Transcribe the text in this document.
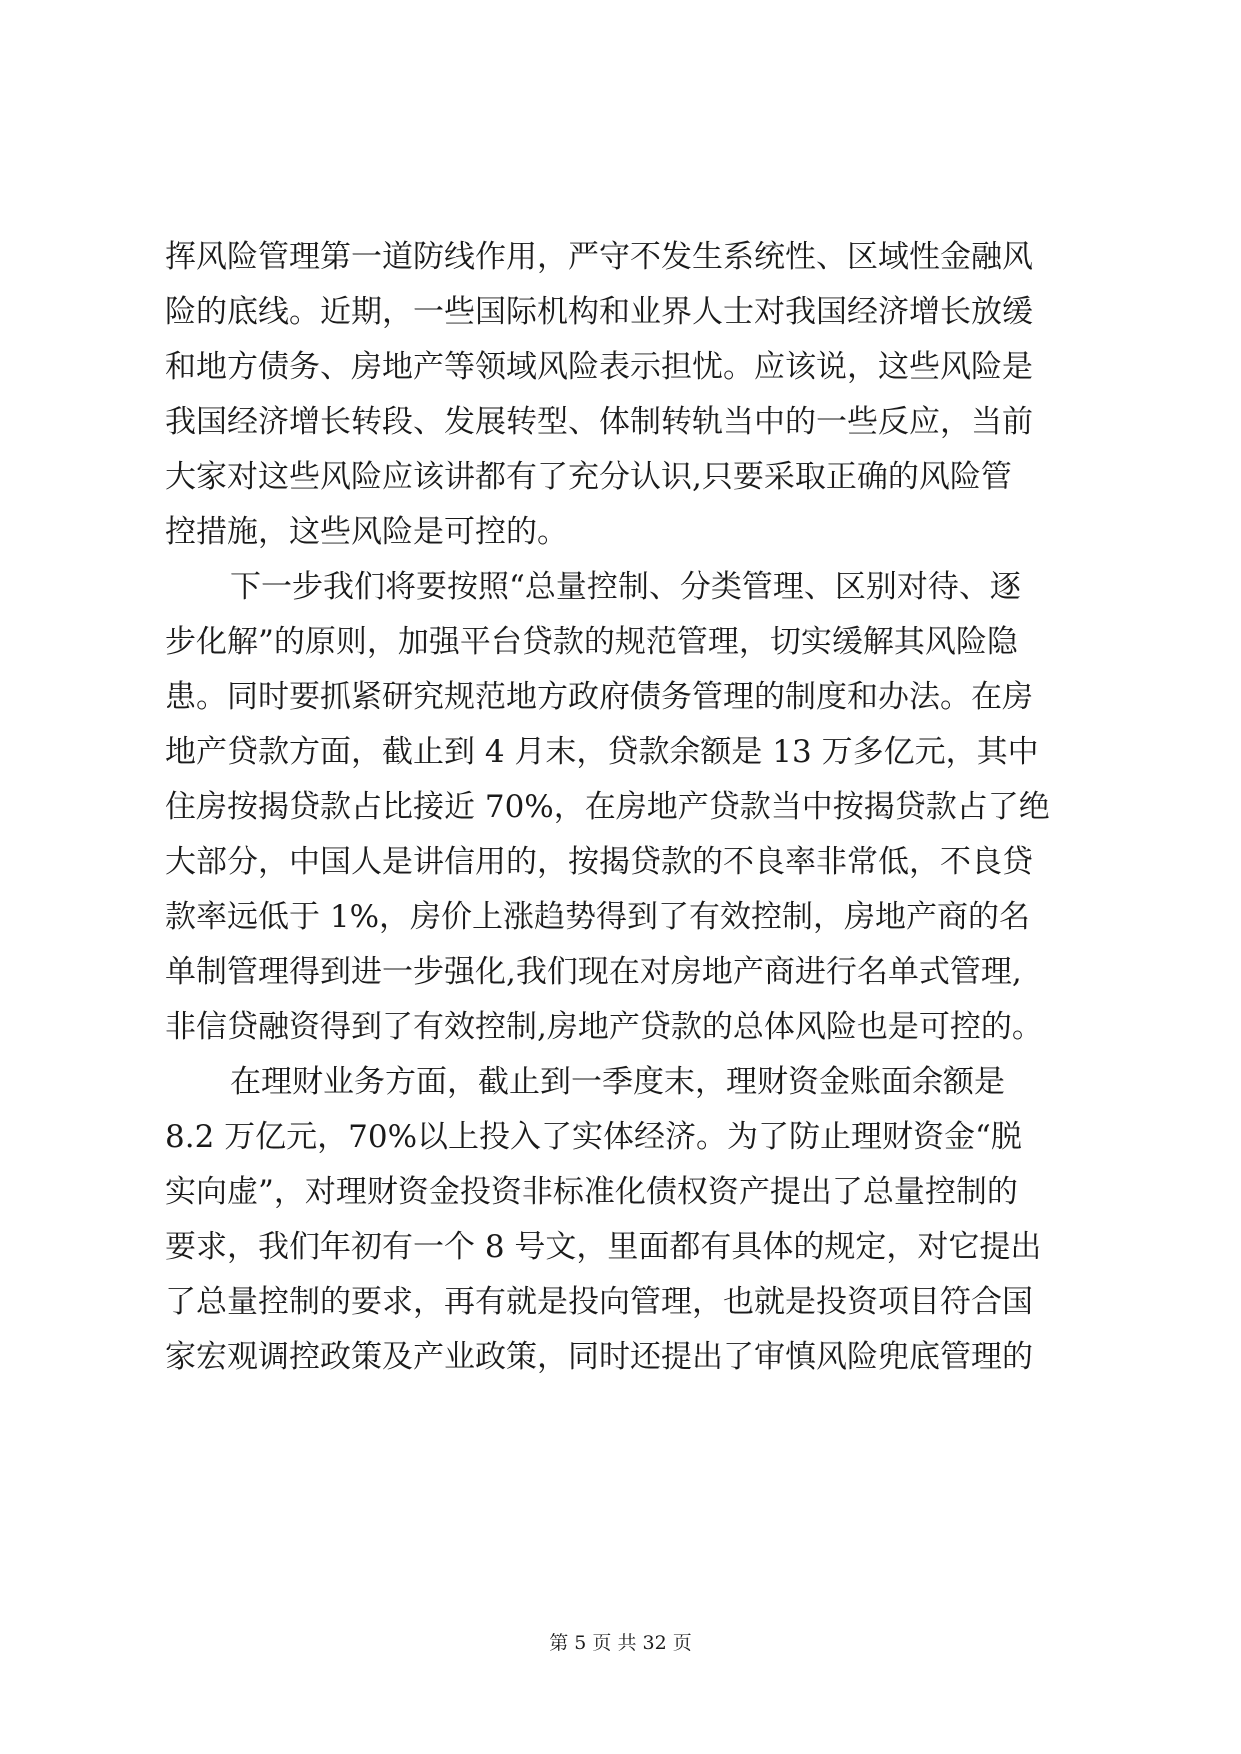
挥风险管理第一道防线作用，严守不发生系统性、区域性金融风
险的底线。近期，一些国际机构和业界人士对我国经济增长放缓
和地方债务、房地产等领域风险表示担忧。应该说，这些风险是
我国经济增长转段、发展转型、体制转轨当中的一些反应，当前
大家对这些风险应该讲都有了充分认识,只要采取正确的风险管
控措施，这些风险是可控的。
下一步我们将要按照“总量控制、分类管理、区别对待、逐
步化解”的原则，加强平台贷款的规范管理，切实缓解其风险隐
患。同时要抓紧研究规范地方政府债务管理的制度和办法。在房
地产贷款方面，截止到 4 月末，贷款余额是 13 万多亿元，其中
住房按揭贷款占比接近 70%，在房地产贷款当中按揭贷款占了绝
大部分，中国人是讲信用的，按揭贷款的不良率非常低，不良贷
款率远低于 1%，房价上涨趋势得到了有效控制，房地产商的名
单制管理得到进一步强化,我们现在对房地产商进行名单式管理,
非信贷融资得到了有效控制,房地产贷款的总体风险也是可控的。
在理财业务方面，截止到一季度末，理财资金账面余额是
8.2 万亿元，70%以上投入了实体经济。为了防止理财资金“脱
实向虚”，对理财资金投资非标准化债权资产提出了总量控制的
要求，我们年初有一个 8 号文，里面都有具体的规定，对它提出
了总量控制的要求，再有就是投向管理，也就是投资项目符合国
家宏观调控政策及产业政策，同时还提出了审慎风险兜底管理的
第 5 页 共 32 页
